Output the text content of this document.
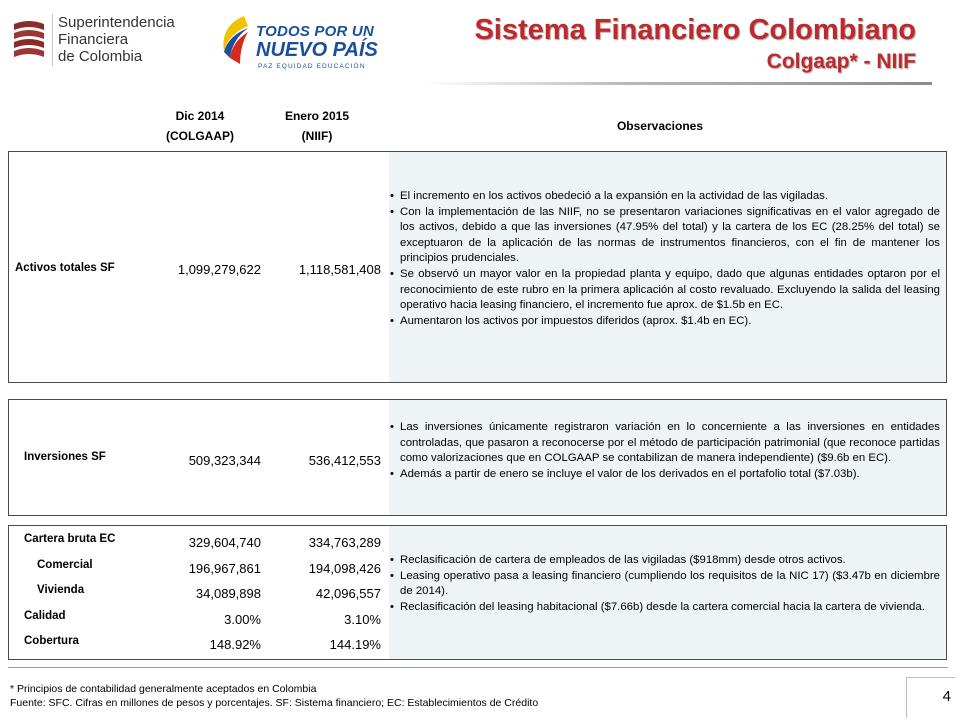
Superintendencia
Financiera
de Colombia
TODOS POR UN
NUEVO PAÍS
PAZ EQUIDAD EDUCACIÓN
Sistema Financiero Colombiano
Colgaap* - NIIF
Dic 2014
(COLGAAP)
Enero 2015
(NIIF)
Observaciones
Activos totales SF	1,099,279,622	1,118,581,408
• El incremento en los activos obedeció a la expansión en la actividad de las vigiladas.
• Con la implementación de las NIIF, no se presentaron variaciones significativas en el valor agregado de los activos, debido a que las inversiones (47.95% del total) y la cartera de los EC (28.25% del total) se exceptuaron de la aplicación de las normas de instrumentos financieros, con el fin de mantener los principios prudenciales.
• Se observó un mayor valor en la propiedad planta y equipo, dado que algunas entidades optaron por el reconocimiento de este rubro en la primera aplicación al costo revaluado. Excluyendo la salida del leasing operativo hacia leasing financiero, el incremento fue aprox. de $1.5b en EC.
• Aumentaron los activos por impuestos diferidos (aprox. $1.4b en EC).
Inversiones SF	509,323,344	536,412,553
• Las inversiones únicamente registraron variación en lo concerniente a las inversiones en entidades controladas, que pasaron a reconocerse por el método de participación patrimonial (que reconoce partidas como valorizaciones que en COLGAAP se contabilizan de manera independiente) ($9.6b en EC).
• Además a partir de enero se incluye el valor de los derivados en el portafolio total ($7.03b).
Cartera bruta EC	329,604,740	334,763,289
Comercial	196,967,861	194,098,426
Vivienda	34,089,898	42,096,557
Calidad	3.00%	3.10%
Cobertura	148.92%	144.19%
• Reclasificación de cartera de empleados de las vigiladas ($918mm) desde otros activos.
• Leasing operativo pasa a leasing financiero (cumpliendo los requisitos de la NIC 17) ($3.47b en diciembre de 2014).
• Reclasificación del leasing habitacional ($7.66b) desde la cartera comercial hacia la cartera de vivienda.
* Principios de contabilidad generalmente aceptados en Colombia
Fuente: SFC. Cifras en millones de pesos y porcentajes. SF: Sistema financiero; EC: Establecimientos de Crédito	4
